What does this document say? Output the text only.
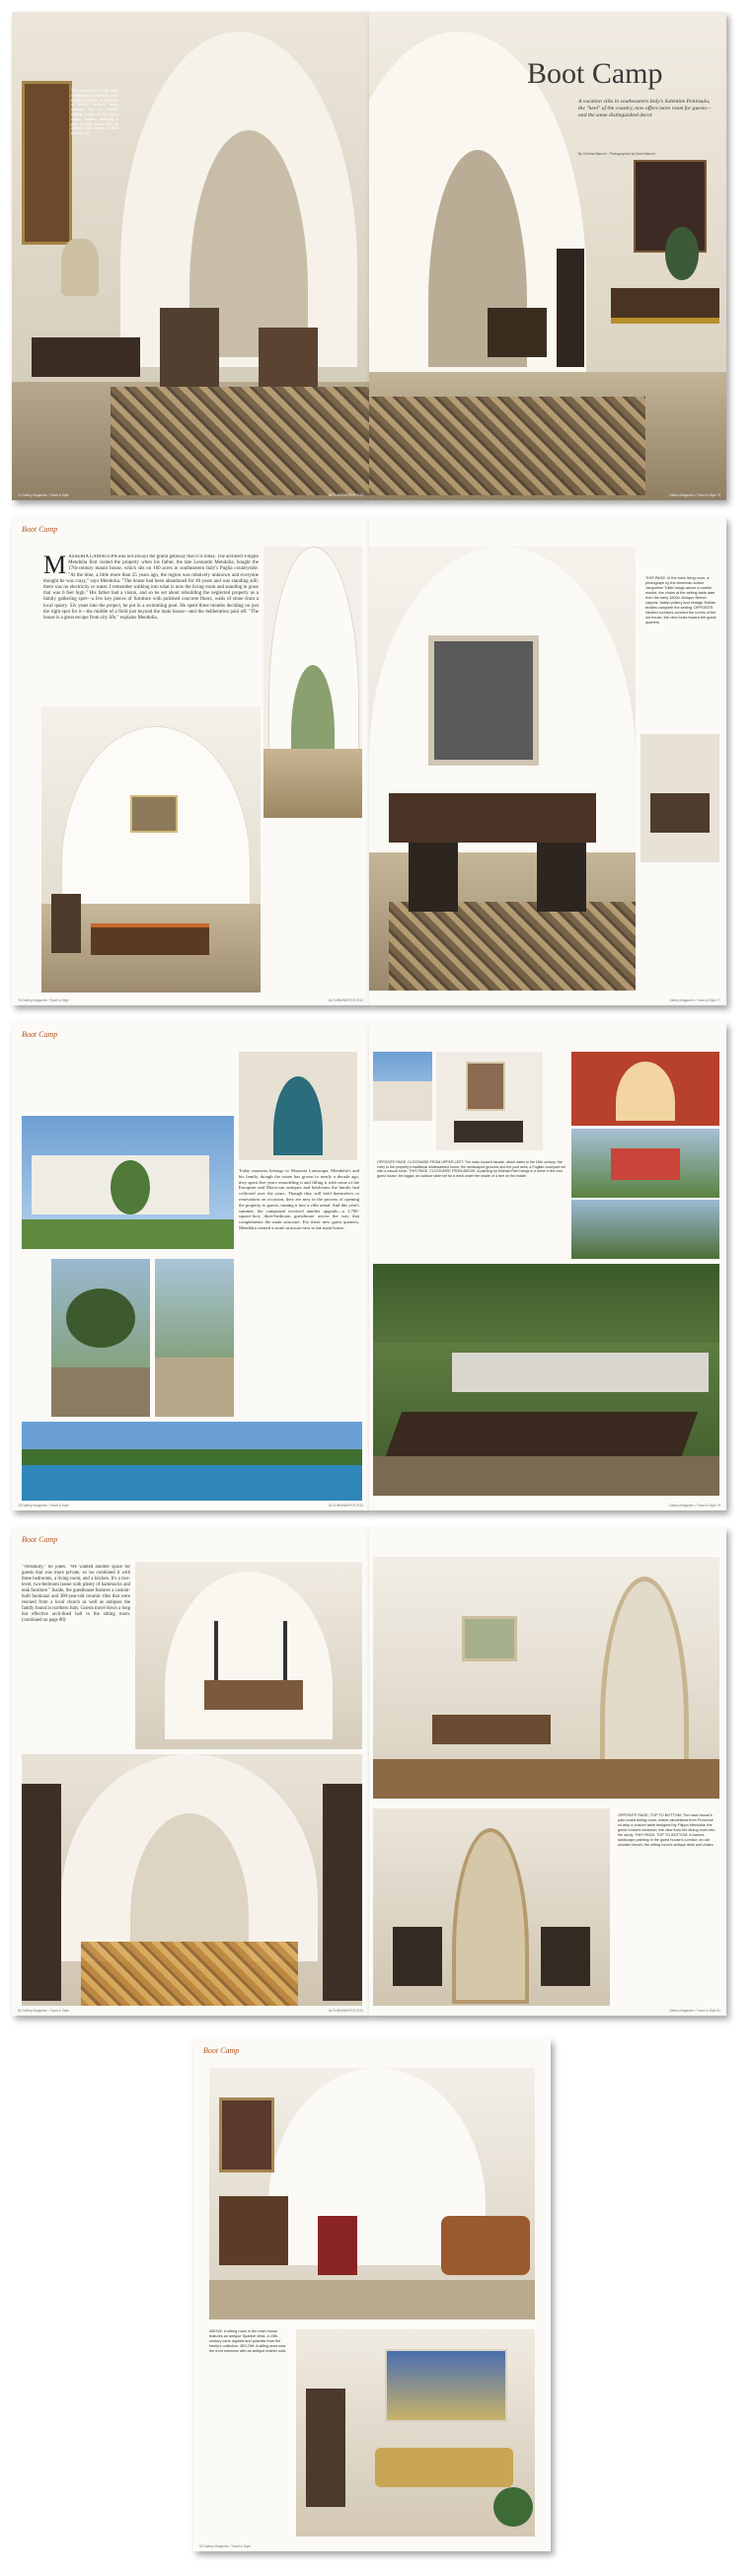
The ground-floor living room in Masseria Lamacupa's main building features a collection of antique furniture, stone columns and the vaulted ceilings typical of the area's manor houses, including a pair of teak chairs and an antique 19th-century Sicilian painted cart.
74 Gallery Magazine • Travel & Style	AUTUMN/WINTER 2013
Boot Camp
A vacation villa in southeastern Italy's Salentine Peninsula, the "heel" of the country, now offers more room for guests—and the same distinguished decor.
By Cristina Bianchi · Photographed by Ilaria Bianchi
Gallery Magazine • Travel & Style 75
Boot Camp
MASSERIA LAMACUPA was not always the grand getaway that it is today. The architect Filippo Mendolia first visited the property when his father, the late Leonardo Mendolia, bought the 17th-century manor house, which sits on 160 acres in southeastern Italy's Puglia countryside. "At the time, a little more than 25 years ago, the region was relatively unknown and everyone thought he was crazy," says Mendolia. "The house had been abandoned for 40 years and was standing still; there was no electricity or water. I remember walking into what is now the living room and standing in grass that was 6 feet high." His father had a vision, and so he set about rebuilding the neglected property as a family gathering spot—a few key pieces of furniture with polished concrete floors, walls of stone from a local quarry. Six years into the project, he put in a swimming pool. He spent three months deciding on just the right spot for it—the middle of a field just beyond the main house—and the deliberation paid off. "The house is a great escape from city life," explains Mendolia.
76 Gallery Magazine • Travel & Style	AUTUMN/WINTER 2013
THIS PAGE: In the main living room, a photograph by the American author Jacqueline Tuttle hangs above a marble mantle; the chairs at the writing table date from the early 1800s. Antique Berber carpets, Italian pottery and vintage Sicilian textiles complete the setting. OPPOSITE: Vaulted corridors connect the rooms of the old house; the view looks toward the guest quarters.
Gallery Magazine • Travel & Style 77
Boot Camp
Today masseria belongs to Masseria Lamacupa, Mendolia's and his family, though the estate has grown to nearly a decade ago, they spent five years remodeling it and filling it with some of the European and Moroccan antiques and heirlooms the family had collected over the years. Though they still hold themselves to renovations on occasion, they are now in the process of opening the property to guests, turning it into a villa rental. And this year's summer, the compound received another upgrade—a 1,700-square-foot, three-bedroom guesthouse across the way that complements the main structure. For these new guest quarters, Mendolia created a stone structure next to the main house.
78 Gallery Magazine • Travel & Style	AUTUMN/WINTER 2013
OPPOSITE PAGE, CLOCKWISE FROM UPPER LEFT: The main house's facade, which dates to the 16th century; the entry to the property's traditional whitewashed home; the landscaped grounds and the pool area; a Puglian courtyard set with a casual lunch. THIS PAGE, CLOCKWISE FROM ABOVE: A painting by Michael Rich hangs in a niche in the new guest house; the loggia; an outdoor table set for a meal under the shade of a tree on the estate.
Gallery Magazine • Travel & Style 79
Boot Camp
"Versatility," he jokes. "We wanted another space for guests that was more private, so we combined it with these bedrooms, a living room, and a kitchen. It's a two-level, two-bedroom house with plenty of hammocks and teak furniture." Inside, the guesthouse features a custom-built bookcase and 300-year-old ceramic tiles that were rescued from a local church as well as antiques the family found in northern Italy. Guests travel down a long but effective arch-lined hall to the sitting room. (continued on page 80)
80 Gallery Magazine • Travel & Style	AUTUMN/WINTER 2013
OPPOSITE PAGE, TOP TO BOTTOM: The main house's pale-toned dining room, where candelabra from Provence sit atop a custom table designed by Filippo Mendolia; the guest house's bedroom; the view from the dining room into the study. THIS PAGE, TOP TO BOTTOM: A framed landscape painting in the guest house's corridor; an old wooden bench; the sitting room's antique desk and chairs.
Gallery Magazine • Travel & Style 81
Boot Camp
ABOVE: A sitting room in the main house features an antique Spanish desk, a 19th-century cane daybed and portraits from the family's collection. BELOW: A sitting area near the front entrance with an antique leather sofa.
82 Gallery Magazine • Travel & Style
